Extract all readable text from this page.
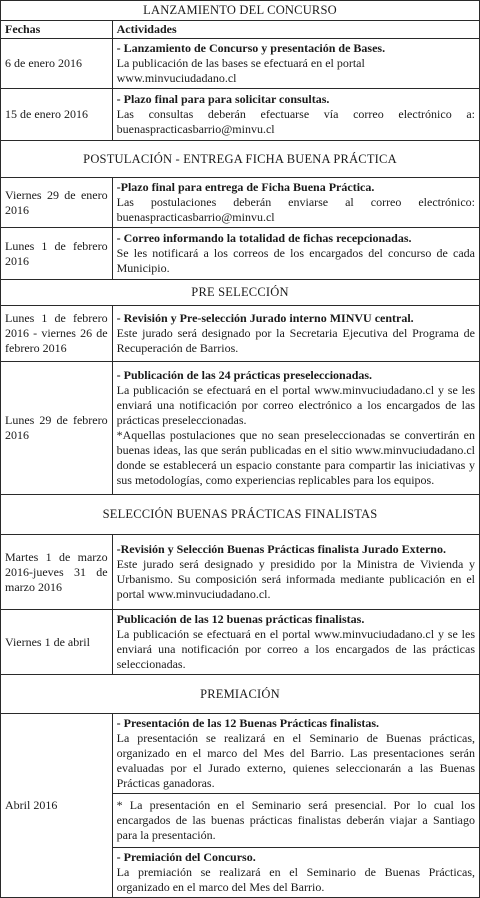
LANZAMIENTO DEL CONCURSO	
Fechas	Actividades
6 de enero 2016	- Lanzamiento de Concurso y presentación de Bases.
La publicación de las bases se efectuará en el portal www.minvuciudadano.cl

15 de enero 2016	- Plazo final para para solicitar consultas.
Las consultas deberán efectuarse vía correo electrónico a: buenaspracticasbarrio@minvu.cl

POSTULACIÓN - ENTREGA FICHA BUENA PRÁCTICA	
Viernes 29 de enero 2016	-Plazo final para entrega de Ficha Buena Práctica.
Las postulaciones deberán enviarse al correo electrónico: buenaspracticasbarrio@minvu.cl

Lunes 1 de febrero 2016	- Correo informando la totalidad de fichas recepcionadas.
Se les notificará a los correos de los encargados del concurso de cada Municipio.

PRE SELECCIÓN	
Lunes 1 de febrero 2016 - viernes 26 de febrero 2016	- Revisión y Pre-selección Jurado interno MINVU central.
Este jurado será designado por la Secretaria Ejecutiva del Programa de Recuperación de Barrios.

Lunes 29 de febrero 2016	- Publicación de las 24 prácticas preseleccionadas.
La publicación se efectuará en el portal www.minvuciudadano.cl y se les enviará una notificación por correo electrónico a los encargados de las prácticas preseleccionadas.
*Aquellas postulaciones que no sean preseleccionadas se convertirán en buenas ideas, las que serán publicadas en el sitio www.minvuciudadano.cl donde se establecerá un espacio constante para compartir las iniciativas y sus metodologías, como experiencias replicables para los equipos.

SELECCIÓN BUENAS PRÁCTICAS FINALISTAS	
Martes 1 de marzo 2016-jueves 31 de marzo 2016	-Revisión y Selección Buenas Prácticas finalista Jurado Externo.
Este jurado será designado y presidido por la Ministra de Vivienda y Urbanismo. Su composición será informada mediante publicación en el portal www.minvuciudadano.cl.

Viernes 1 de abril	Publicación de las 12 buenas prácticas finalistas.
La publicación se efectuará en el portal www.minvuciudadano.cl y se les enviará una notificación por correo a los encargados de las prácticas seleccionadas.

PREMIACIÓN	
Abril 2016	- Presentación de las 12 Buenas Prácticas finalistas.
La presentación se realizará en el Seminario de Buenas prácticas, organizado en el marco del Mes del Barrio. Las presentaciones serán evaluadas por el Jurado externo, quienes seleccionarán a las Buenas Prácticas ganadoras.
* La presentación en el Seminario será presencial. Por lo cual los encargados de las buenas prácticas finalistas deberán viajar a Santiago para la presentación.
- Premiación del Concurso.
La premiación se realizará en el Seminario de Buenas Prácticas, organizado en el marco del Mes del Barrio.
